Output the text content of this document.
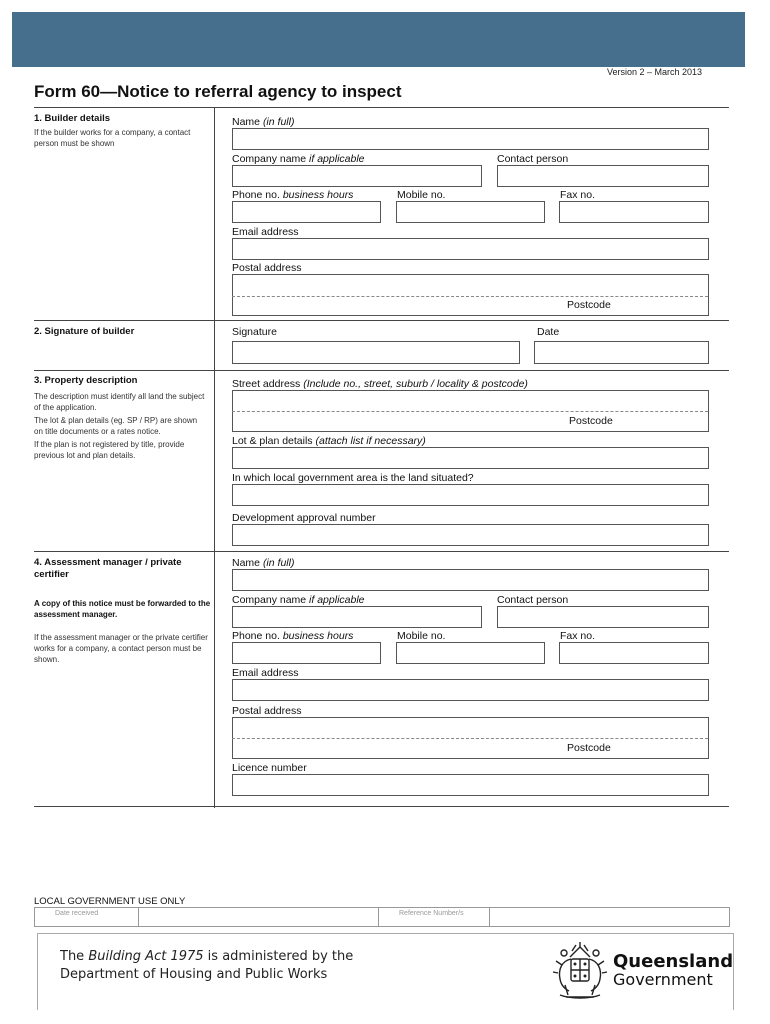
Version 2 – March 2013
Form 60—Notice to referral agency to inspect
1. Builder details
If the builder works for a company, a contact person must be shown
Name (in full)
Company name if applicable	Contact person
Phone no. business hours	Mobile no.	Fax no.
Email address
Postal address
Postcode
2. Signature of builder	Signature	Date
3. Property description

The description must identify all land the subject of the application.

The lot & plan details (eg. SP / RP) are shown on title documents or a rates notice.

If the plan is not registered by title, provide previous lot and plan details.

Street address (Include no., street, suburb / locality & postcode)
Postcode
Lot & plan details (attach list if necessary)
In which local government area is the land situated?
Development approval number
4. Assessment manager / private certifier
A copy of this notice must be forwarded to the assessment manager.
If the assessment manager or the private certifier works for a company, a contact person must be shown.
Name (in full)
Company name if applicable	Contact person
Phone no. business hours	Mobile no.	Fax no.
Email address
Postal address
Postcode
Licence number
LOCAL GOVERNMENT USE ONLY
Date received	Reference Number/s
The Building Act 1975 is administered by the
Department of Housing and Public Works
Queensland
Government
